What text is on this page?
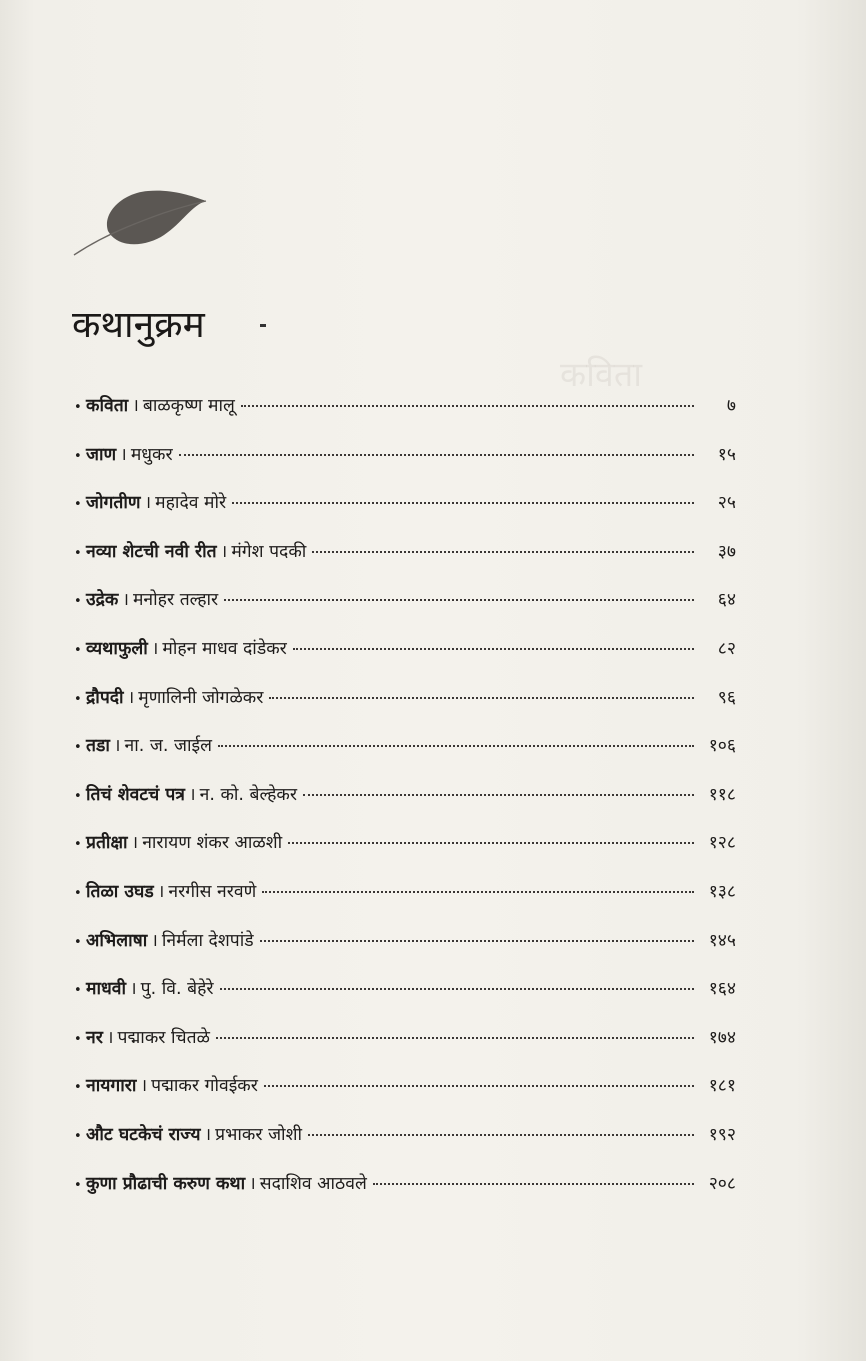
कविता
कथानुक्रम
• कविता । बाळकृष्ण मालू	७
• जाण । मधुकर	१५
• जोगतीण । महादेव मोरे	२५
• नव्या शेटची नवी रीत । मंगेश पदकी	३७
• उद्रेक । मनोहर तल्हार	६४
• व्यथाफुली । मोहन माधव दांडेकर	८२
• द्रौपदी । मृणालिनी जोगळेकर	९६
• तडा । ना. ज. जाईल	१०६
• तिचं शेवटचं पत्र । न. को. बेल्हेकर	११८
• प्रतीक्षा । नारायण शंकर आळशी	१२८
• तिळा उघड । नरगीस नरवणे	१३८
• अभिलाषा । निर्मला देशपांडे	१४५
• माधवी । पु. वि. बेहेरे	१६४
• नर । पद्माकर चितळे	१७४
• नायगारा । पद्माकर गोवईकर	१८१
• औट घटकेचं राज्य । प्रभाकर जोशी	१९२
• कुणा प्रौढाची करुण कथा । सदाशिव आठवले	२०८
